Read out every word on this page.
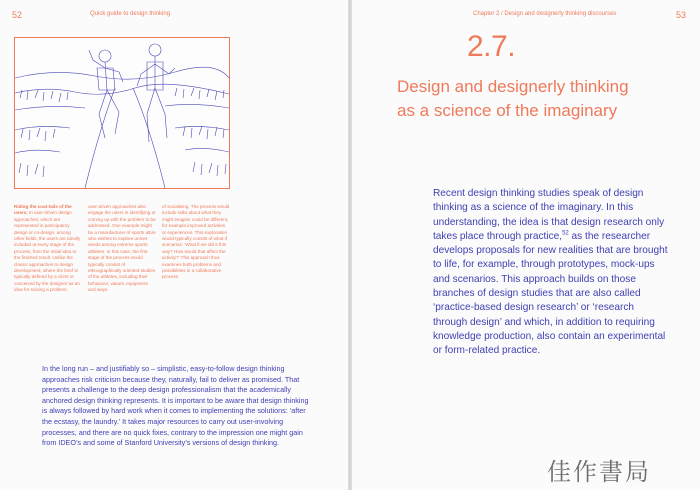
52	Quick guide to design thinking	Chapter 2 / Design and designerly thinking discourses	53
Riding the coat-tails of the users. In user-driven design approaches, which are represented in participatory design or co-design, among other fields, the users are ideally included at every stage of the process, from the initial idea to the finished result. Unlike the classic approaches to design development, where the brief is typically defined by a client or conceived by the designer as an idea for solving a problem,
user-driven approaches also engage the users in identifying or coming up with the problem to be addressed. One example might be a manufacturer of sports attire who wishes to explore unmet needs among extreme sports athletes. In this case, the first stage of the process would typically consist of ethnographically oriented studies of the athletes, including their behaviour, values, equipment and ways
of socialising. The process would include talks about what they might imagine could be different, for example improved activities or experiences. This exploration would typically consist of what-if scenarios: ‘What if we did it this way? How would that affect the activity?’ This approach thus examines both problems and possibilities in a collaborative process.
In the long run – and justifiably so – simplistic, easy-to-follow design thinking approaches risk criticism because they, naturally, fail to deliver as promised. That presents a challenge to the deep design professionalism that the academically anchored design thinking represents. It is important to be aware that design thinking is always followed by hard work when it comes to implementing the solutions: ‘after the ecstasy, the laundry.’ It takes major resources to carry out user-involving processes, and there are no quick fixes, contrary to the impression one might gain from IDEO’s and some of Stanford University’s versions of design thinking.
2.7.
Design and designerly thinking as a science of the imaginary
Recent design thinking studies speak of design thinking as a science of the imaginary. In this understanding, the idea is that design research only takes place through practice,$^{52}$ as the researcher develops proposals for new realities that are brought to life, for example, through prototypes, mock-ups and scenarios. This approach builds on those branches of design studies that are also called ‘practice-based design research’ or ‘research through design’ and which, in addition to requiring knowledge production, also contain an experimental or form-related practice.
佳作書局
